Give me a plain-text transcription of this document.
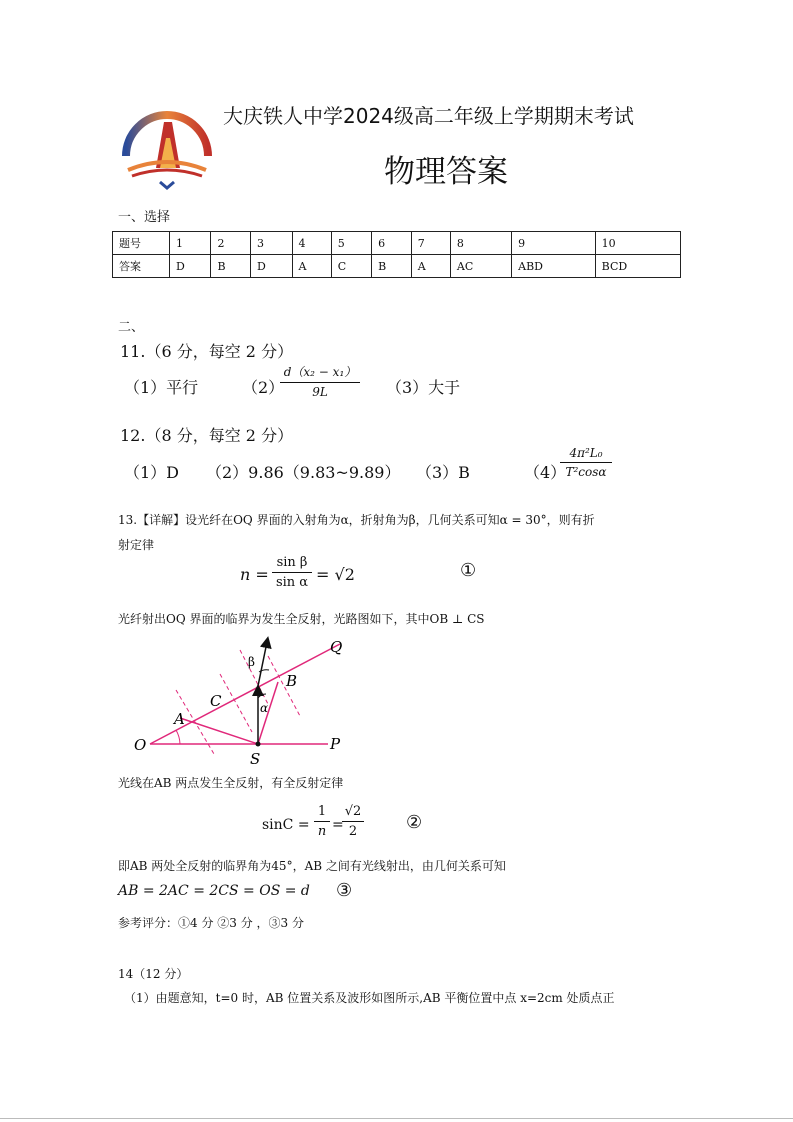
大庆铁人中学2024级高二年级上学期期末考试
物理答案
一、选择
题号	1	2	3	4	5	6	7	8	9	10
答案	D	B	D	A	C	B	A	AC	ABD	BCD
二、
11.（6 分，每空 2 分）
（1）平行	（2）
$\frac{\text{d（x₂ − x₁）}}{9L} (3)$大于
12.（8 分，每空 2 分）
（1）D （2）9.86（9.83~9.89） （3）B	（4）
$\frac{\text{4π²L₀}}{\text{T²cosα}}$
13.【详解】设光纤在OQ 界面的入射角为α，折射角为β，几何关系可知α = 30°，则有折
射定律
$n = \frac{\text{sin β}}{\text{sin α}} = √2$	①
光纤射出OQ 界面的临界为发生全反射，光路图如下，其中OB ⊥ CS
Q
B
C
A
O
S
P
α
β
光线在AB 两点发生全反射，有全反射定律
$\sin C = \frac{1}{n}$ =
$\frac{√2}{2}$ ②
即AB 两处全反射的临界角为45°，AB 之间有光线射出，由几何关系可知
AB = 2AC = 2CS = OS = d ③
参考评分：①4 分 ②3 分 ，③3 分
14（12 分）
（1）由题意知，t=0 时，AB 位置关系及波形如图所示,AB 平衡位置中点 x=2cm 处质点正
